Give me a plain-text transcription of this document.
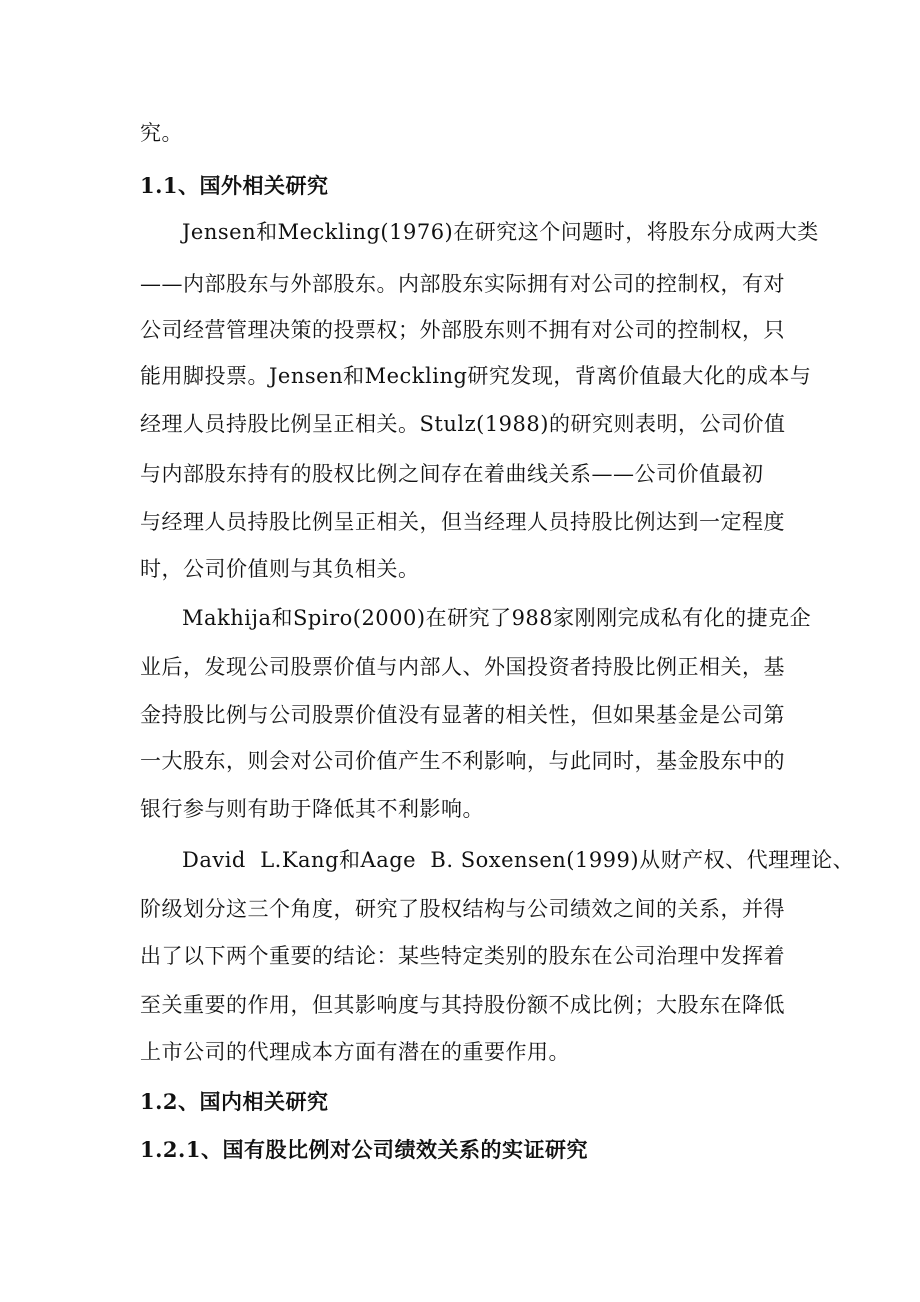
究。
1.1、国外相关研究
Jensen和Meckling(1976)在研究这个问题时，将股东分成两大类
——内部股东与外部股东。内部股东实际拥有对公司的控制权，有对
公司经营管理决策的投票权；外部股东则不拥有对公司的控制权，只
能用脚投票。Jensen和Meckling研究发现，背离价值最大化的成本与
经理人员持股比例呈正相关。Stulz(1988)的研究则表明，公司价值
与内部股东持有的股权比例之间存在着曲线关系——公司价值最初
与经理人员持股比例呈正相关，但当经理人员持股比例达到一定程度
时，公司价值则与其负相关。
Makhija和Spiro(2000)在研究了988家刚刚完成私有化的捷克企
业后，发现公司股票价值与内部人、外国投资者持股比例正相关，基
金持股比例与公司股票价值没有显著的相关性，但如果基金是公司第
一大股东，则会对公司价值产生不利影响，与此同时，基金股东中的
银行参与则有助于降低其不利影响。
David  L.Kang和Aage  B. Soxensen(1999)从财产权、代理理论、
阶级划分这三个角度，研究了股权结构与公司绩效之间的关系，并得
出了以下两个重要的结论：某些特定类别的股东在公司治理中发挥着
至关重要的作用，但其影响度与其持股份额不成比例；大股东在降低
上市公司的代理成本方面有潜在的重要作用。
1.2、国内相关研究
1.2.1、国有股比例对公司绩效关系的实证研究
